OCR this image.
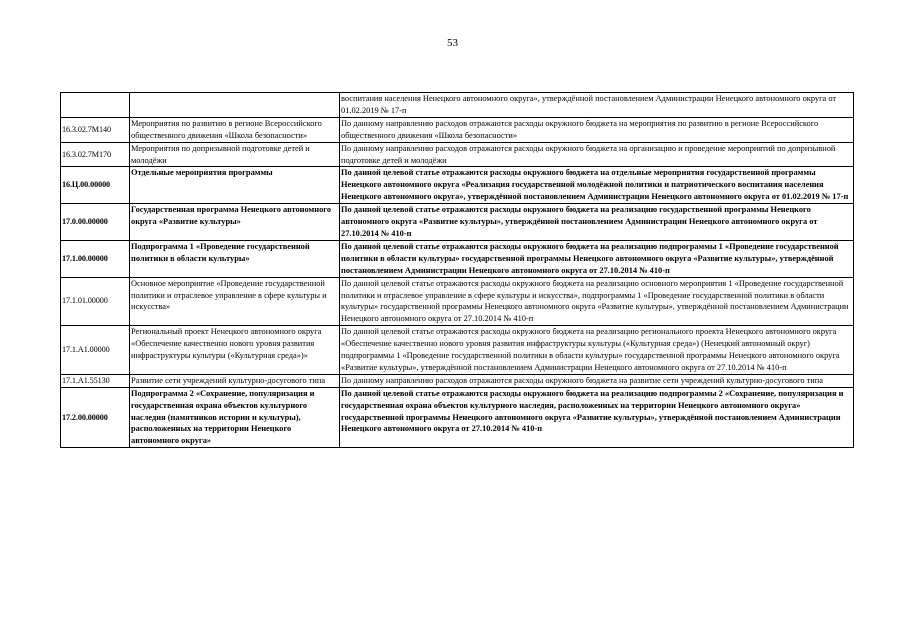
53
		воспитания населения Ненецкого автономного округа», утверждённой постановлением Администрации Ненецкого автономного округа от 01.02.2019 № 17-п
16.3.02.7М140	Мероприятия по развитию в регионе Всероссийского общественного движения «Школа безопасности»	По данному направлению расходов отражаются расходы окружного бюджета на мероприятия по развитию в регионе Всероссийского общественного движения «Школа безопасности»
16.3.02.7М170	Мероприятия по допризывной подготовке детей и молодёжи	По данному направлению расходов отражаются расходы окружного бюджета на организацию и проведение мероприятий по допризывной подготовке детей и молодёжи
16.Ц.00.00000	Отдельные мероприятия программы	По данной целевой статье отражаются расходы окружного бюджета на отдельные мероприятия государственной программы Ненецкого автономного округа «Реализация государственной молодёжной политики и патриотического воспитания населения Ненецкого автономного округа», утверждённой постановлением Администрации Ненецкого автономного округа от 01.02.2019 № 17-п
17.0.00.00000	Государственная программа Ненецкого автономного округа «Развитие культуры»	По данной целевой статье отражаются расходы окружного бюджета на реализацию государственной программы Ненецкого автономного округа «Развитие культуры», утверждённой постановлением Администрации Ненецкого автономного округа от 27.10.2014 № 410-п
17.1.00.00000	Подпрограмма 1 «Проведение государственной политики в области культуры»	По данной целевой статье отражаются расходы окружного бюджета на реализацию подпрограммы 1 «Проведение государственной политики в области культуры» государственной программы Ненецкого автономного округа «Развитие культуры», утверждённой постановлением Администрации Ненецкого автономного округа от 27.10.2014 № 410-п
17.1.01.00000	Основное мероприятие «Проведение государственной политики и отраслевое управление в сфере культуры и искусства»	По данной целевой статье отражаются расходы окружного бюджета на реализацию основного мероприятия 1 «Проведение государственной политики и отраслевое управление в сфере культуры и искусства», подпрограммы 1 «Проведение государственной политики в области культуры» государственной программы Ненецкого автономного округа «Развитие культуры», утверждённой постановлением Администрации Ненецкого автономного округа от 27.10.2014 № 410-п
17.1.А1.00000	Региональный проект Ненецкого автономного округа «Обеспечение качественно нового уровня развития инфраструктуры культуры («Культурная среда»)»	По данной целевой статье отражаются расходы окружного бюджета на реализацию регионального проекта Ненецкого автономного округа «Обеспечение качественно нового уровня развития инфраструктуры культуры («Культурная среда») (Ненецкий автономный округ) подпрограммы 1 «Проведение государственной политики в области культуры» государственной программы Ненецкого автономного округа «Развитие культуры», утверждённой постановлением Администрации Ненецкого автономного округа от 27.10.2014 № 410-п
17.1.А1.55130	Развитие сети учреждений культурно-досугового типа	По данному направлению расходов отражаются расходы окружного бюджета на развитие сети учреждений культурно-досугового типа
17.2.00.00000	Подпрограмма 2 «Сохранение, популяризация и государственная охрана объектов культурного наследия (памятников истории и культуры), расположенных на территории Ненецкого автономного округа»	По данной целевой статье отражаются расходы окружного бюджета на реализацию подпрограммы 2 «Сохранение, популяризация и государственная охрана объектов культурного наследия, расположенных на территории Ненецкого автономного округа» государственной программы Ненецкого автономного округа «Развитие культуры», утверждённой постановлением Администрации Ненецкого автономного округа от 27.10.2014 № 410-п
